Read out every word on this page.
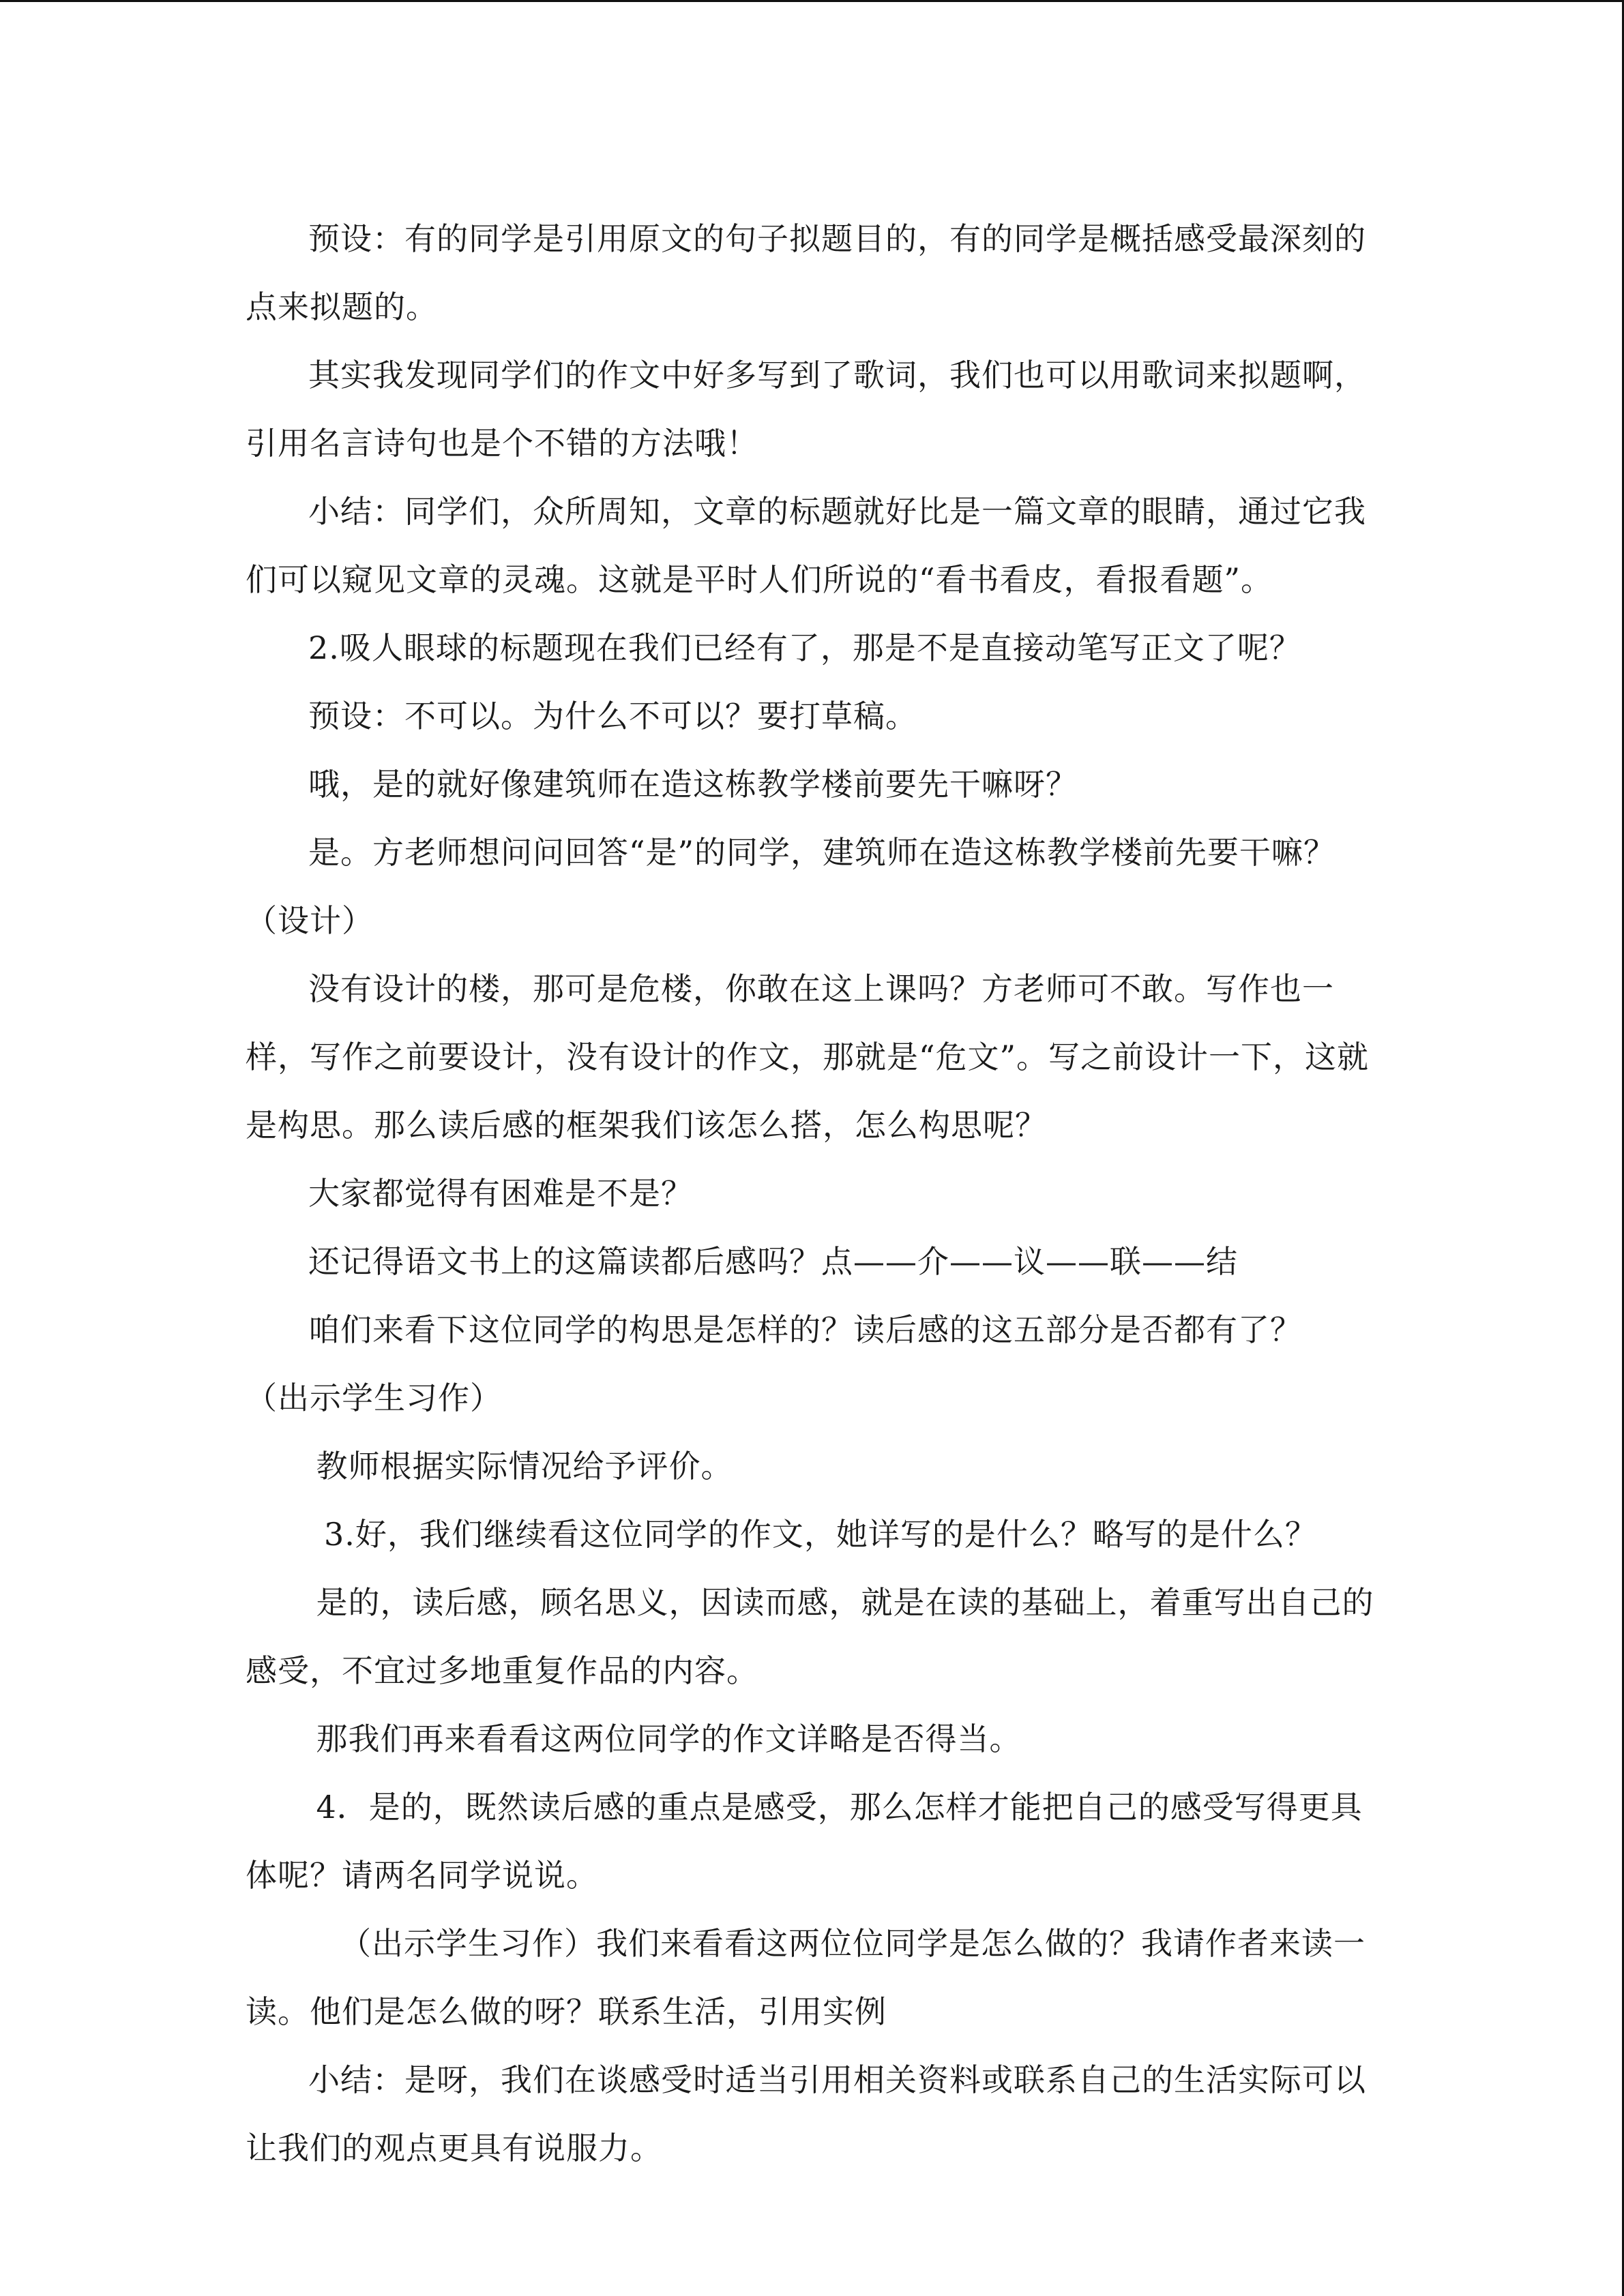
预设：有的同学是引用原文的句子拟题目的，有的同学是概括感受最深刻的点来拟题的。

其实我发现同学们的作文中好多写到了歌词，我们也可以用歌词来拟题啊，引用名言诗句也是个不错的方法哦！

小结：同学们，众所周知，文章的标题就好比是一篇文章的眼睛，通过它我们可以窥见文章的灵魂。这就是平时人们所说的“看书看皮，看报看题”。

2.吸人眼球的标题现在我们已经有了，那是不是直接动笔写正文了呢？

预设：不可以。为什么不可以？要打草稿。

哦，是的就好像建筑师在造这栋教学楼前要先干嘛呀？

是。方老师想问问回答“是”的同学，建筑师在造这栋教学楼前先要干嘛？（设计）

没有设计的楼，那可是危楼，你敢在这上课吗？方老师可不敢。写作也一样，写作之前要设计，没有设计的作文，那就是“危文”。写之前设计一下，这就是构思。那么读后感的框架我们该怎么搭，怎么构思呢？

大家都觉得有困难是不是？

还记得语文书上的这篇读都后感吗？点——介——议——联——结

咱们来看下这位同学的构思是怎样的？读后感的这五部分是否都有了？

（出示学生习作）

教师根据实际情况给予评价。

3.好，我们继续看这位同学的作文，她详写的是什么？略写的是什么？

是的，读后感，顾名思义，因读而感，就是在读的基础上，着重写出自己的感受，不宜过多地重复作品的内容。

那我们再来看看这两位同学的作文详略是否得当。

4．是的，既然读后感的重点是感受，那么怎样才能把自己的感受写得更具体呢？请两名同学说说。

（出示学生习作）我们来看看这两位位同学是怎么做的？我请作者来读一读。他们是怎么做的呀？联系生活，引用实例

小结：是呀，我们在谈感受时适当引用相关资料或联系自己的生活实际可以让我们的观点更具有说服力。
